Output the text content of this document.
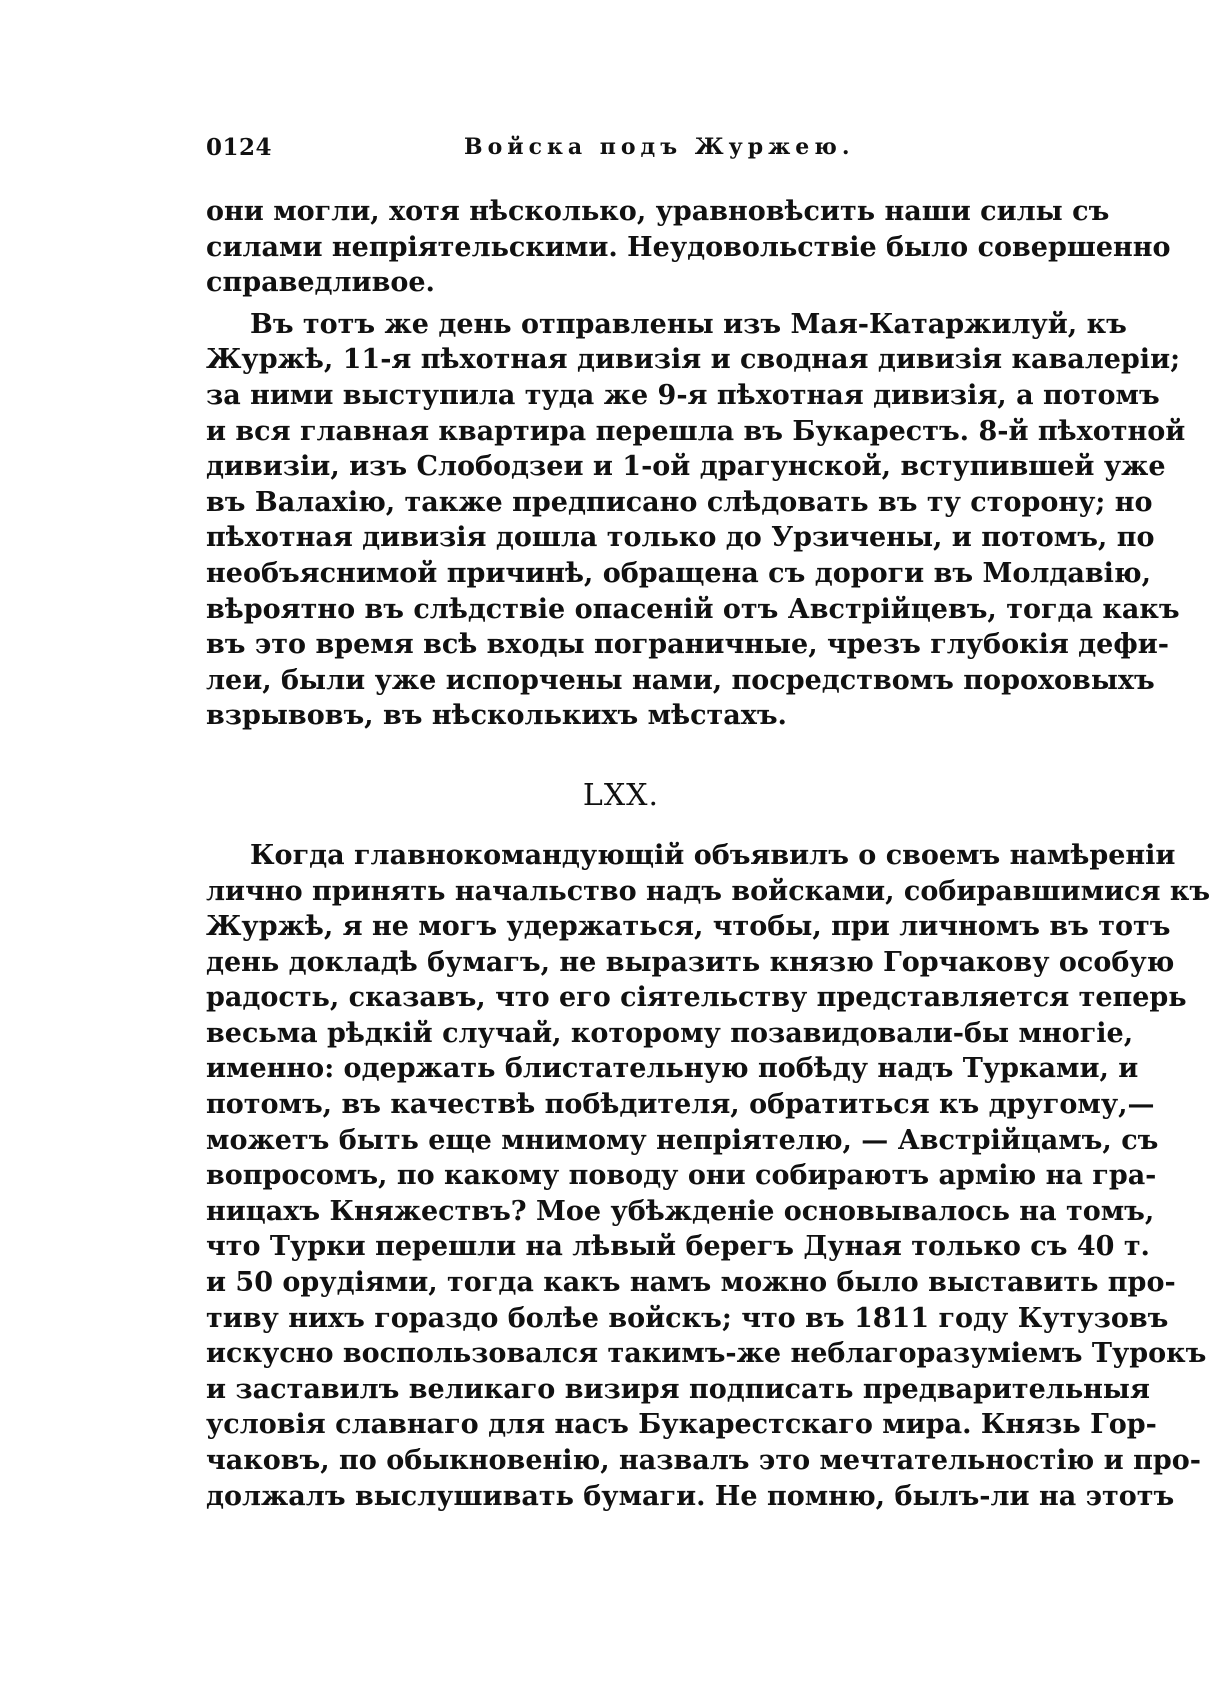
0124	Войска подъ Журжею.
они могли, хотя нѣсколько, уравновѣсить наши силы съ
силами непріятельскими. Неудовольствіе было совершенно
справедливое.
Въ тотъ же день отправлены изъ Мая-Катаржилуй, къ
Журжѣ, 11-я пѣхотная дивизія и сводная дивизія кавалеріи;
за ними выступила туда же 9-я пѣхотная дивизія, а потомъ
и вся главная квартира перешла въ Букарестъ. 8-й пѣхотной
дивизіи, изъ Слободзеи и 1-ой драгунской, вступившей уже
въ Валахію, также предписано слѣдовать въ ту сторону; но
пѣхотная дивизія дошла только до Урзичены, и потомъ, по
необъяснимой причинѣ, обращена съ дороги въ Молдавію,
вѣроятно въ слѣдствіе опасеній отъ Австрійцевъ, тогда какъ
въ это время всѣ входы пограничные, чрезъ глубокія дефи-
леи, были уже испорчены нами, посредствомъ пороховыхъ
взрывовъ, въ нѣсколькихъ мѣстахъ.
LXX.
Когда главнокомандующій объявилъ о своемъ намѣреніи
лично принять начальство надъ войсками, собиравшимися къ
Журжѣ, я не могъ удержаться, чтобы, при личномъ въ тотъ
день докладѣ бумагъ, не выразить князю Горчакову особую
радость, сказавъ, что его сіятельству представляется теперь
весьма рѣдкій случай, которому позавидовали-бы многіе,
именно: одержать блистательную побѣду надъ Турками, и
потомъ, въ качествѣ побѣдителя, обратиться къ другому,—
можетъ быть еще мнимому непріятелю, — Австрійцамъ, съ
вопросомъ, по какому поводу они собираютъ армію на гра-
ницахъ Княжествъ? Мое убѣжденіе основывалось на томъ,
что Турки перешли на лѣвый берегъ Дуная только съ 40 т.
и 50 орудіями, тогда какъ намъ можно было выставить про-
тиву нихъ гораздо болѣе войскъ; что въ 1811 году Кутузовъ
искусно воспользовался такимъ-же неблагоразуміемъ Турокъ
и заставилъ великаго визиря подписать предварительныя
условія славнаго для насъ Букарестскаго мира. Князь Гор-
чаковъ, по обыкновенію, назвалъ это мечтательностію и про-
должалъ выслушивать бумаги. Не помню, былъ-ли на этотъ
